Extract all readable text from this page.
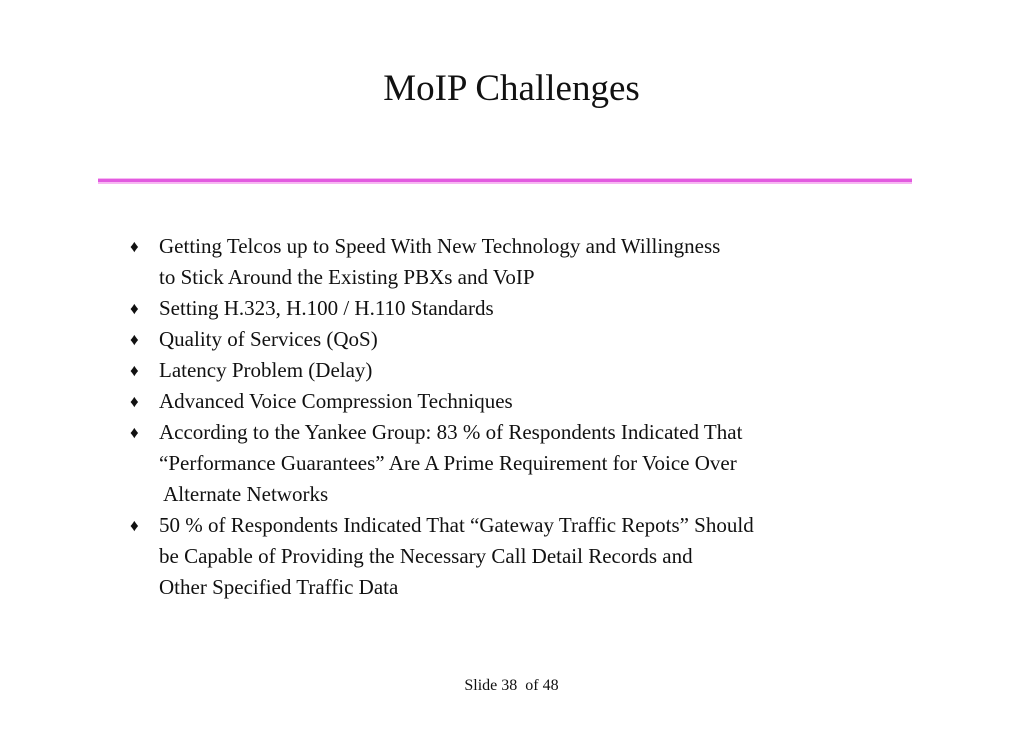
MoIP Challenges
♦ Getting Telcos up to Speed With New Technology and Willingness
to Stick Around the Existing PBXs and VoIP
♦ Setting H.323, H.100 / H.110 Standards
♦ Quality of Services (QoS)
♦ Latency Problem (Delay)
♦ Advanced Voice Compression Techniques
♦ According to the Yankee Group: 83 % of Respondents Indicated That
“Performance Guarantees” Are A Prime Requirement for Voice Over
Alternate Networks
♦ 50 % of Respondents Indicated That “Gateway Traffic Repots” Should
be Capable of Providing the Necessary Call Detail Records and
Other Specified Traffic Data
Slide 38  of 48
